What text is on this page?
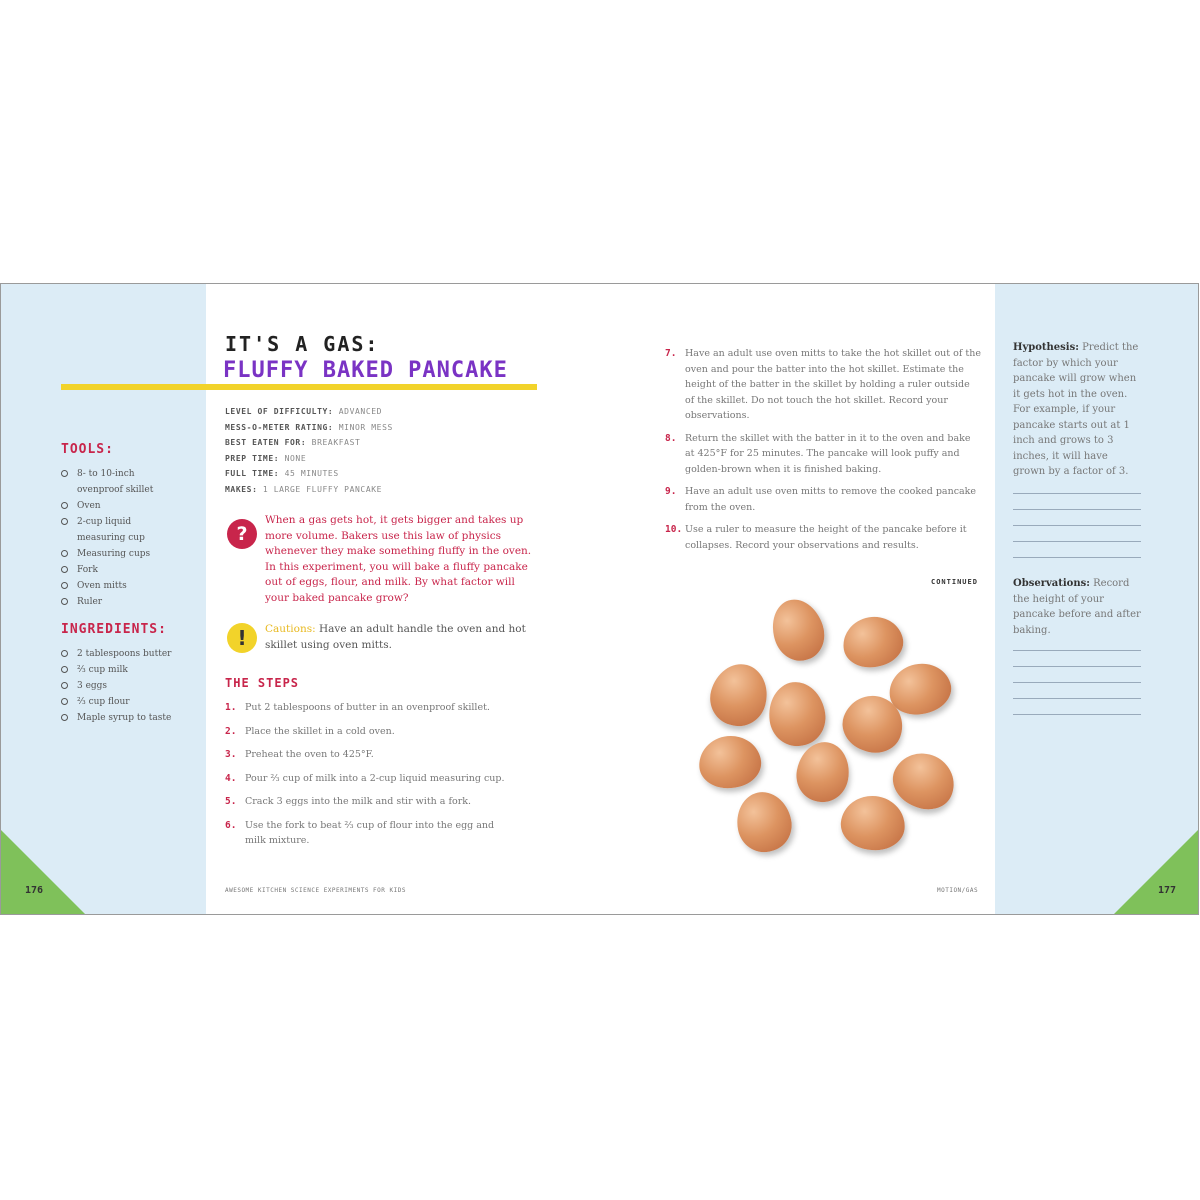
TOOLS:
8- to 10-inch
ovenproof skillet
Oven
2-cup liquid
measuring cup
Measuring cups
Fork
Oven mitts
Ruler
INGREDIENTS:
2 tablespoons butter
⅔ cup milk
3 eggs
⅔ cup flour
Maple syrup to taste
IT'S A GAS:
FLUFFY BAKED PANCAKE
LEVEL OF DIFFICULTY: ADVANCED
MESS-O-METER RATING: MINOR MESS
BEST EATEN FOR: BREAKFAST
PREP TIME: NONE
FULL TIME: 45 MINUTES
MAKES: 1 LARGE FLUFFY PANCAKE
?
When a gas gets hot, it gets bigger and takes up more volume. Bakers use this law of physics whenever they make something fluffy in the oven. In this experiment, you will bake a fluffy pancake out of eggs, flour, and milk. By what factor will your baked pancake grow?
!	Cautions: Have an adult handle the oven and hot skillet using oven mitts.
THE STEPS
1. Put 2 tablespoons of butter in an ovenproof skillet.
2. Place the skillet in a cold oven.
3. Preheat the oven to 425°F.
4. Pour ⅔ cup of milk into a 2-cup liquid measuring cup.
5. Crack 3 eggs into the milk and stir with a fork.
6. Use the fork to beat ⅔ cup of flour into the egg and milk mixture.
7. Have an adult use oven mitts to take the hot skillet out of the oven and pour the batter into the hot skillet. Estimate the height of the batter in the skillet by holding a ruler outside of the skillet. Do not touch the hot skillet. Record your observations.
8. Return the skillet with the batter in it to the oven and bake at 425°F for 25 minutes. The pancake will look puffy and golden-brown when it is finished baking.
9. Have an adult use oven mitts to remove the cooked pancake from the oven.
10. Use a ruler to measure the height of the pancake before it collapses. Record your observations and results.
CONTINUED
Hypothesis: Predict the factor by which your pancake will grow when it gets hot in the oven. For example, if your pancake starts out at 1 inch and grows to 3 inches, it will have grown by a factor of 3.
Observations: Record the height of your pancake before and after baking.
176	177
AWESOME KITCHEN SCIENCE EXPERIMENTS FOR KIDS	MOTION/GAS
